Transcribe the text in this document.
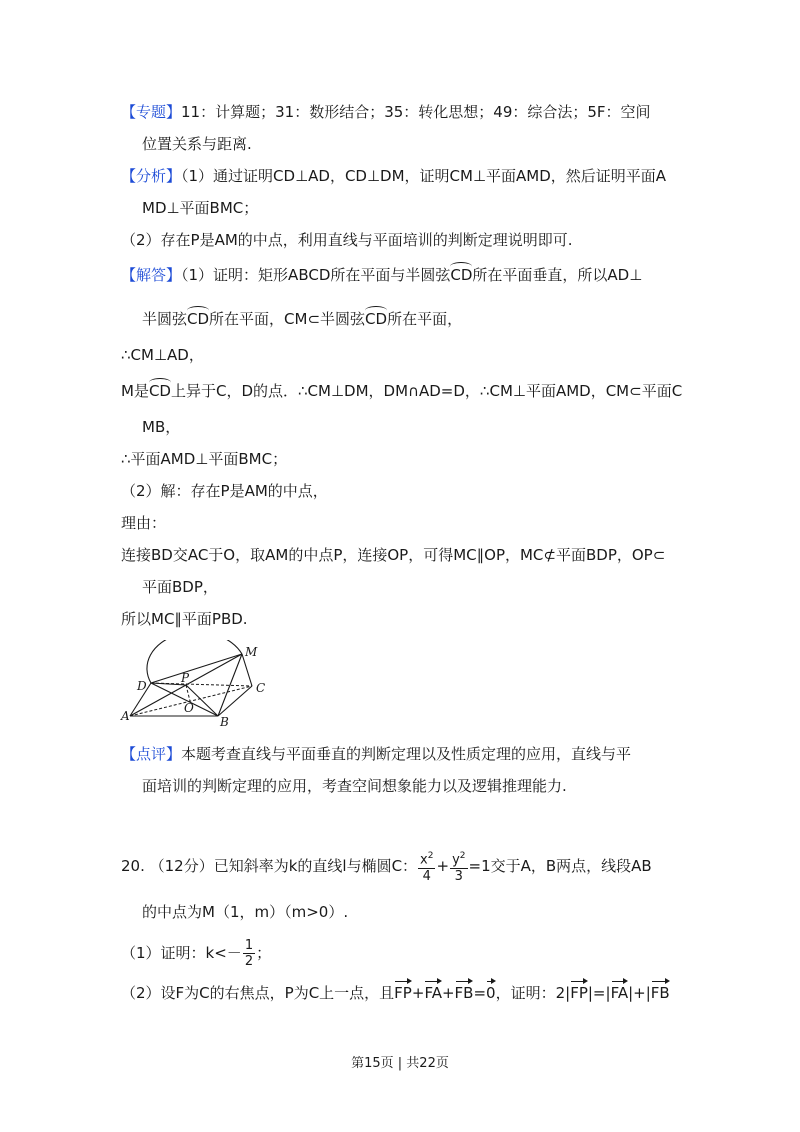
【专题】11：计算题；31：数形结合；35：转化思想；49：综合法；5F：空间
位置关系与距离.
【分析】（1）通过证明CD⊥AD，CD⊥DM，证明CM⊥平面AMD，然后证明平面A
MD⊥平面BMC；
（2）存在P是AM的中点，利用直线与平面培训的判断定理说明即可.
【解答】（1）证明：矩形ABCD所在平面与半圆弦CD所在平面垂直，所以AD⊥
半圆弦CD所在平面，CM⊂半圆弦CD所在平面，
∴CM⊥AD，
M是CD上异于C，D的点．∴CM⊥DM，DM∩AD=D，∴CM⊥平面AMD，CM⊂平面C
MB，
∴平面AMD⊥平面BMC；
（2）解：存在P是AM的中点，
理由：
连接BD交AC于O，取AM的中点P，连接OP，可得MC∥OP，MC⊄平面BDP，OP⊂
平面BDP，
所以MC∥平面PBD.
M
D
P
C
O
A	B
【点评】本题考查直线与平面垂直的判断定理以及性质定理的应用，直线与平
面培训的判断定理的应用，考查空间想象能力以及逻辑推理能力.
20. （12分）已知斜率为k的直线l与椭圆C： $\frac{x^2}{4} + \frac{y^2}{3} =1$交于A，B两点，线段AB
的中点为M（1，m）（m>0）.
（1）证明：$k<- \frac{1}{2}$ ；
（2）设F为C的右焦点，P为C上一点，且FP+FA+FB=0，证明：2|FP|=|FA|+|FB
第15页 | 共22页
